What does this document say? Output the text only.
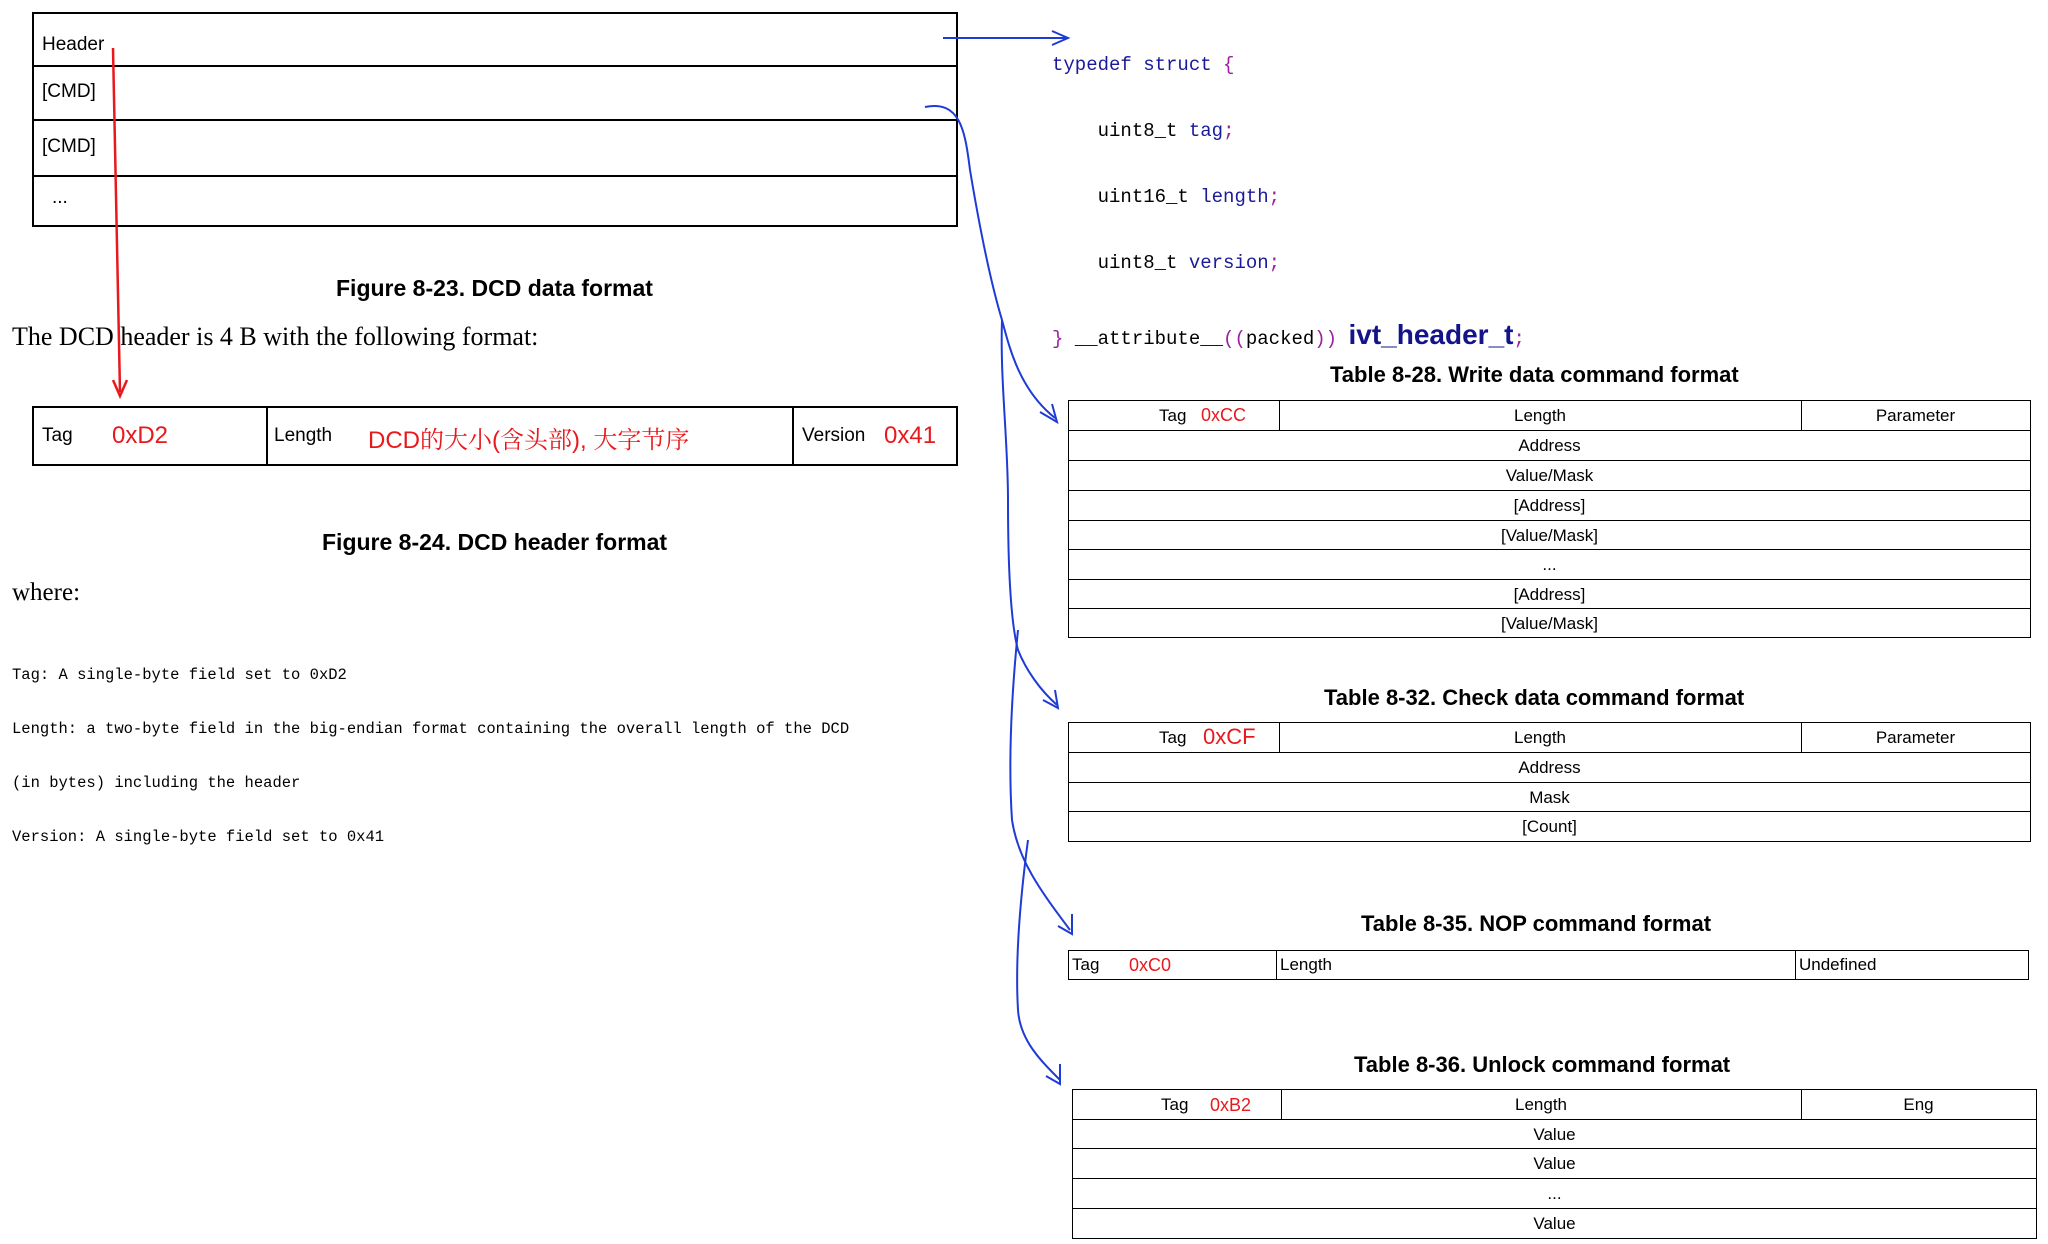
Header
[CMD]
[CMD]
...
Figure 8-23. DCD data format
The DCD header is 4 B with the following format:
Tag 0xD2	Length DCD的大小(含头部), 大字节序	Version 0x41
Figure 8-24. DCD header format
where:

Tag: A single-byte field set to 0xD2

Length: a two-byte field in the big-endian format containing the overall length of the DCD

(in bytes) including the header

Version: A single-byte field set to 0x41

typedef struct {

uint8_t tag;

uint16_t length;

uint8_t version;

} __attribute__((packed)) ivt_header_t;

Table 8-28. Write data command format
Tag 0xCC	Length	Parameter
Address
Value/Mask
[Address]
[Value/Mask]
...
[Address]
[Value/Mask]
Table 8-32. Check data command format
Tag 0xCF	Length	Parameter
Address
Mask
[Count]
Table 8-35. NOP command format
Tag 0xC0	Length	Undefined
Table 8-36. Unlock command format
Tag 0xB2	Length	Eng
Value
Value
...
Value
